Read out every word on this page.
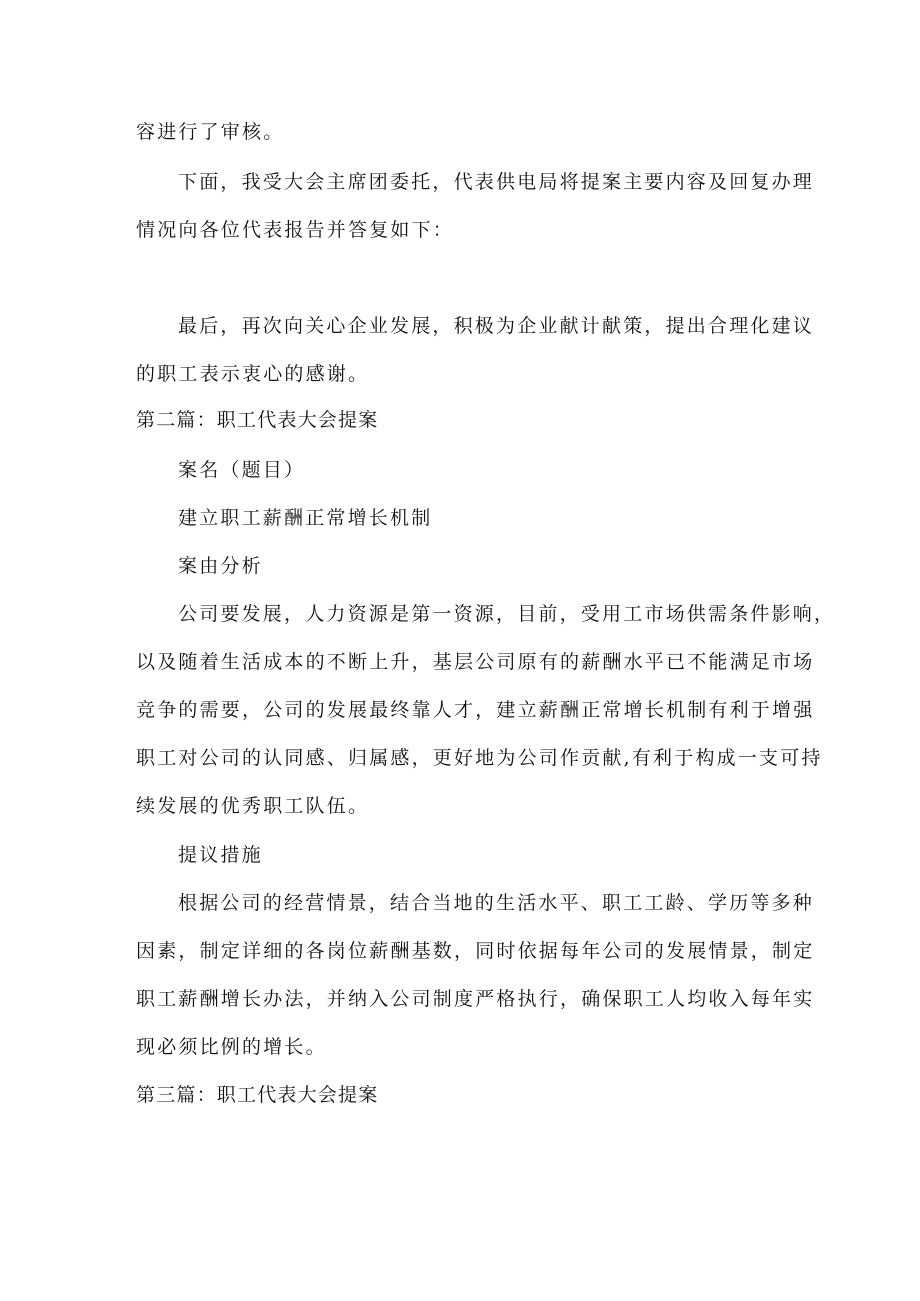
容进行了审核。
下面，我受大会主席团委托，代表供电局将提案主要内容及回复办理
情况向各位代表报告并答复如下：
最后，再次向关心企业发展，积极为企业献计献策，提出合理化建议
的职工表示衷心的感谢。
第二篇：职工代表大会提案
案名（题目）
建立职工薪酬正常增长机制
案由分析
公司要发展，人力资源是第一资源，目前，受用工市场供需条件影响，
以及随着生活成本的不断上升，基层公司原有的薪酬水平已不能满足市场
竞争的需要，公司的发展最终靠人才，建立薪酬正常增长机制有利于增强
职工对公司的认同感、归属感，更好地为公司作贡献,有利于构成一支可持
续发展的优秀职工队伍。
提议措施
根据公司的经营情景，结合当地的生活水平、职工工龄、学历等多种
因素，制定详细的各岗位薪酬基数，同时依据每年公司的发展情景，制定
职工薪酬增长办法，并纳入公司制度严格执行，确保职工人均收入每年实
现必须比例的增长。
第三篇：职工代表大会提案
